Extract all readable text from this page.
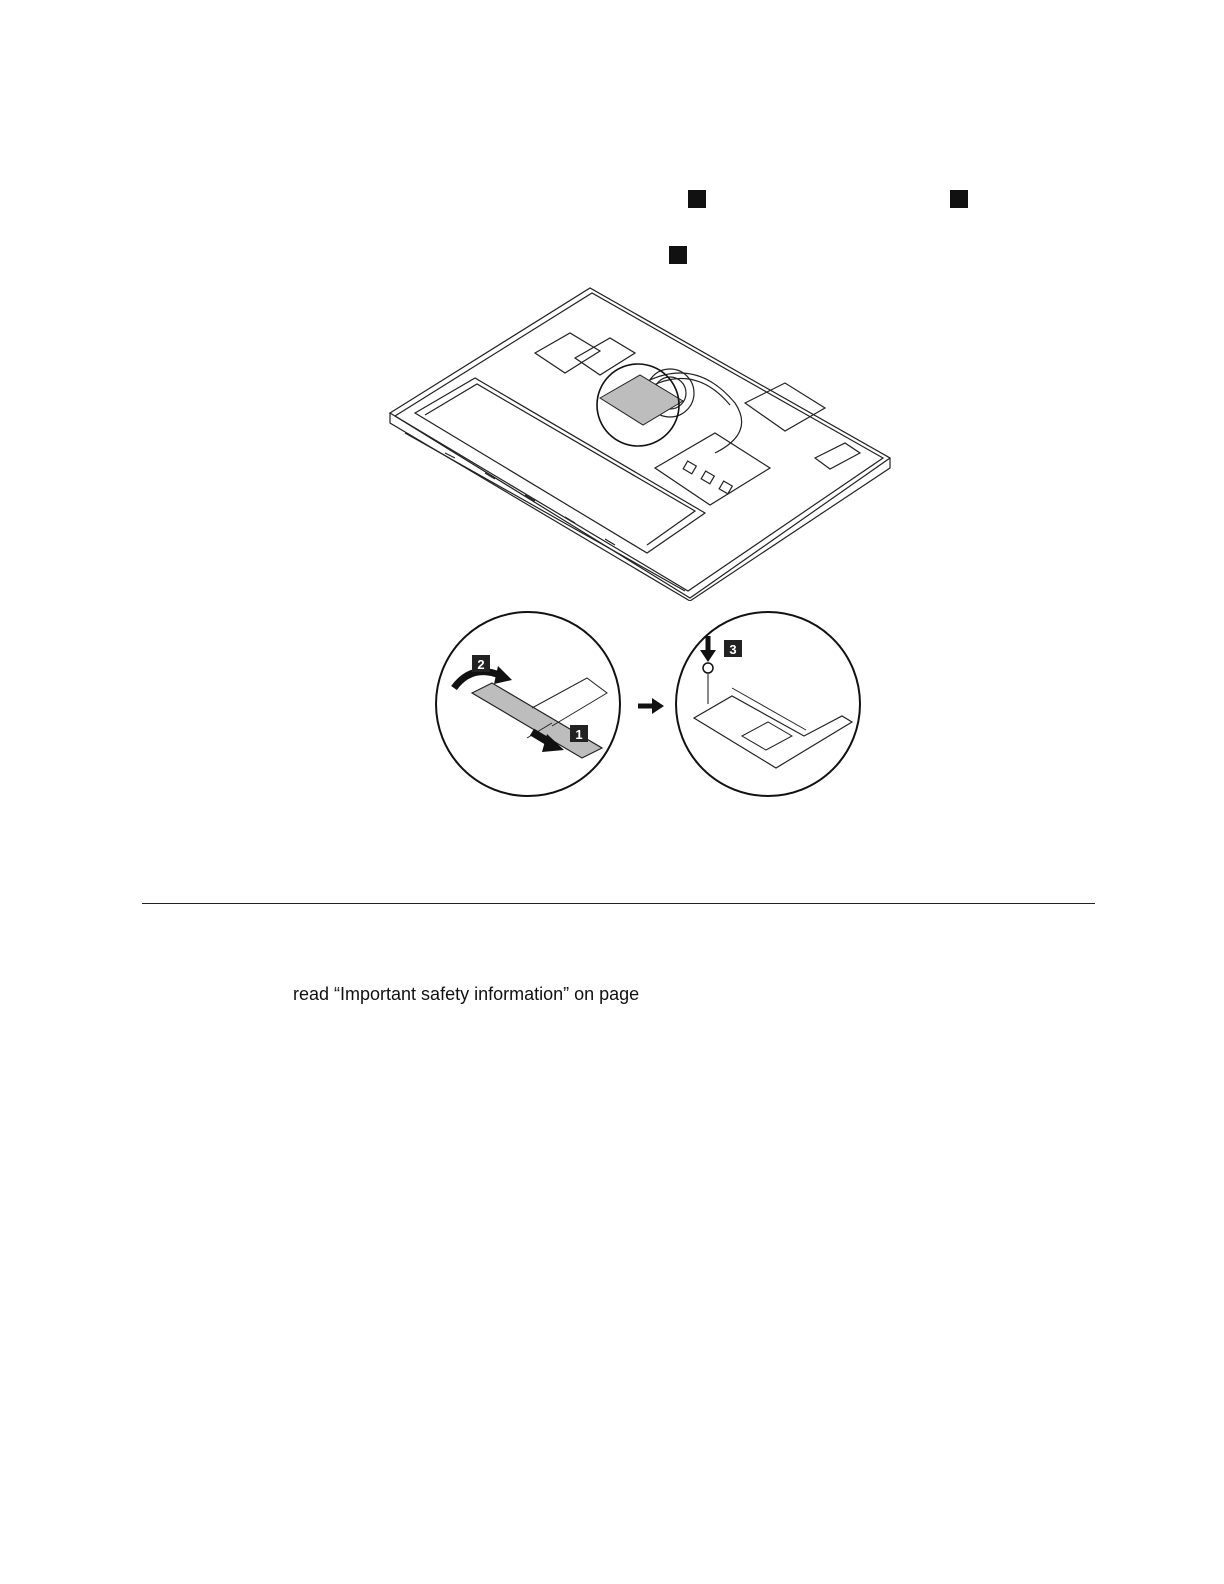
2
1
3
read “Important safety information” on page
